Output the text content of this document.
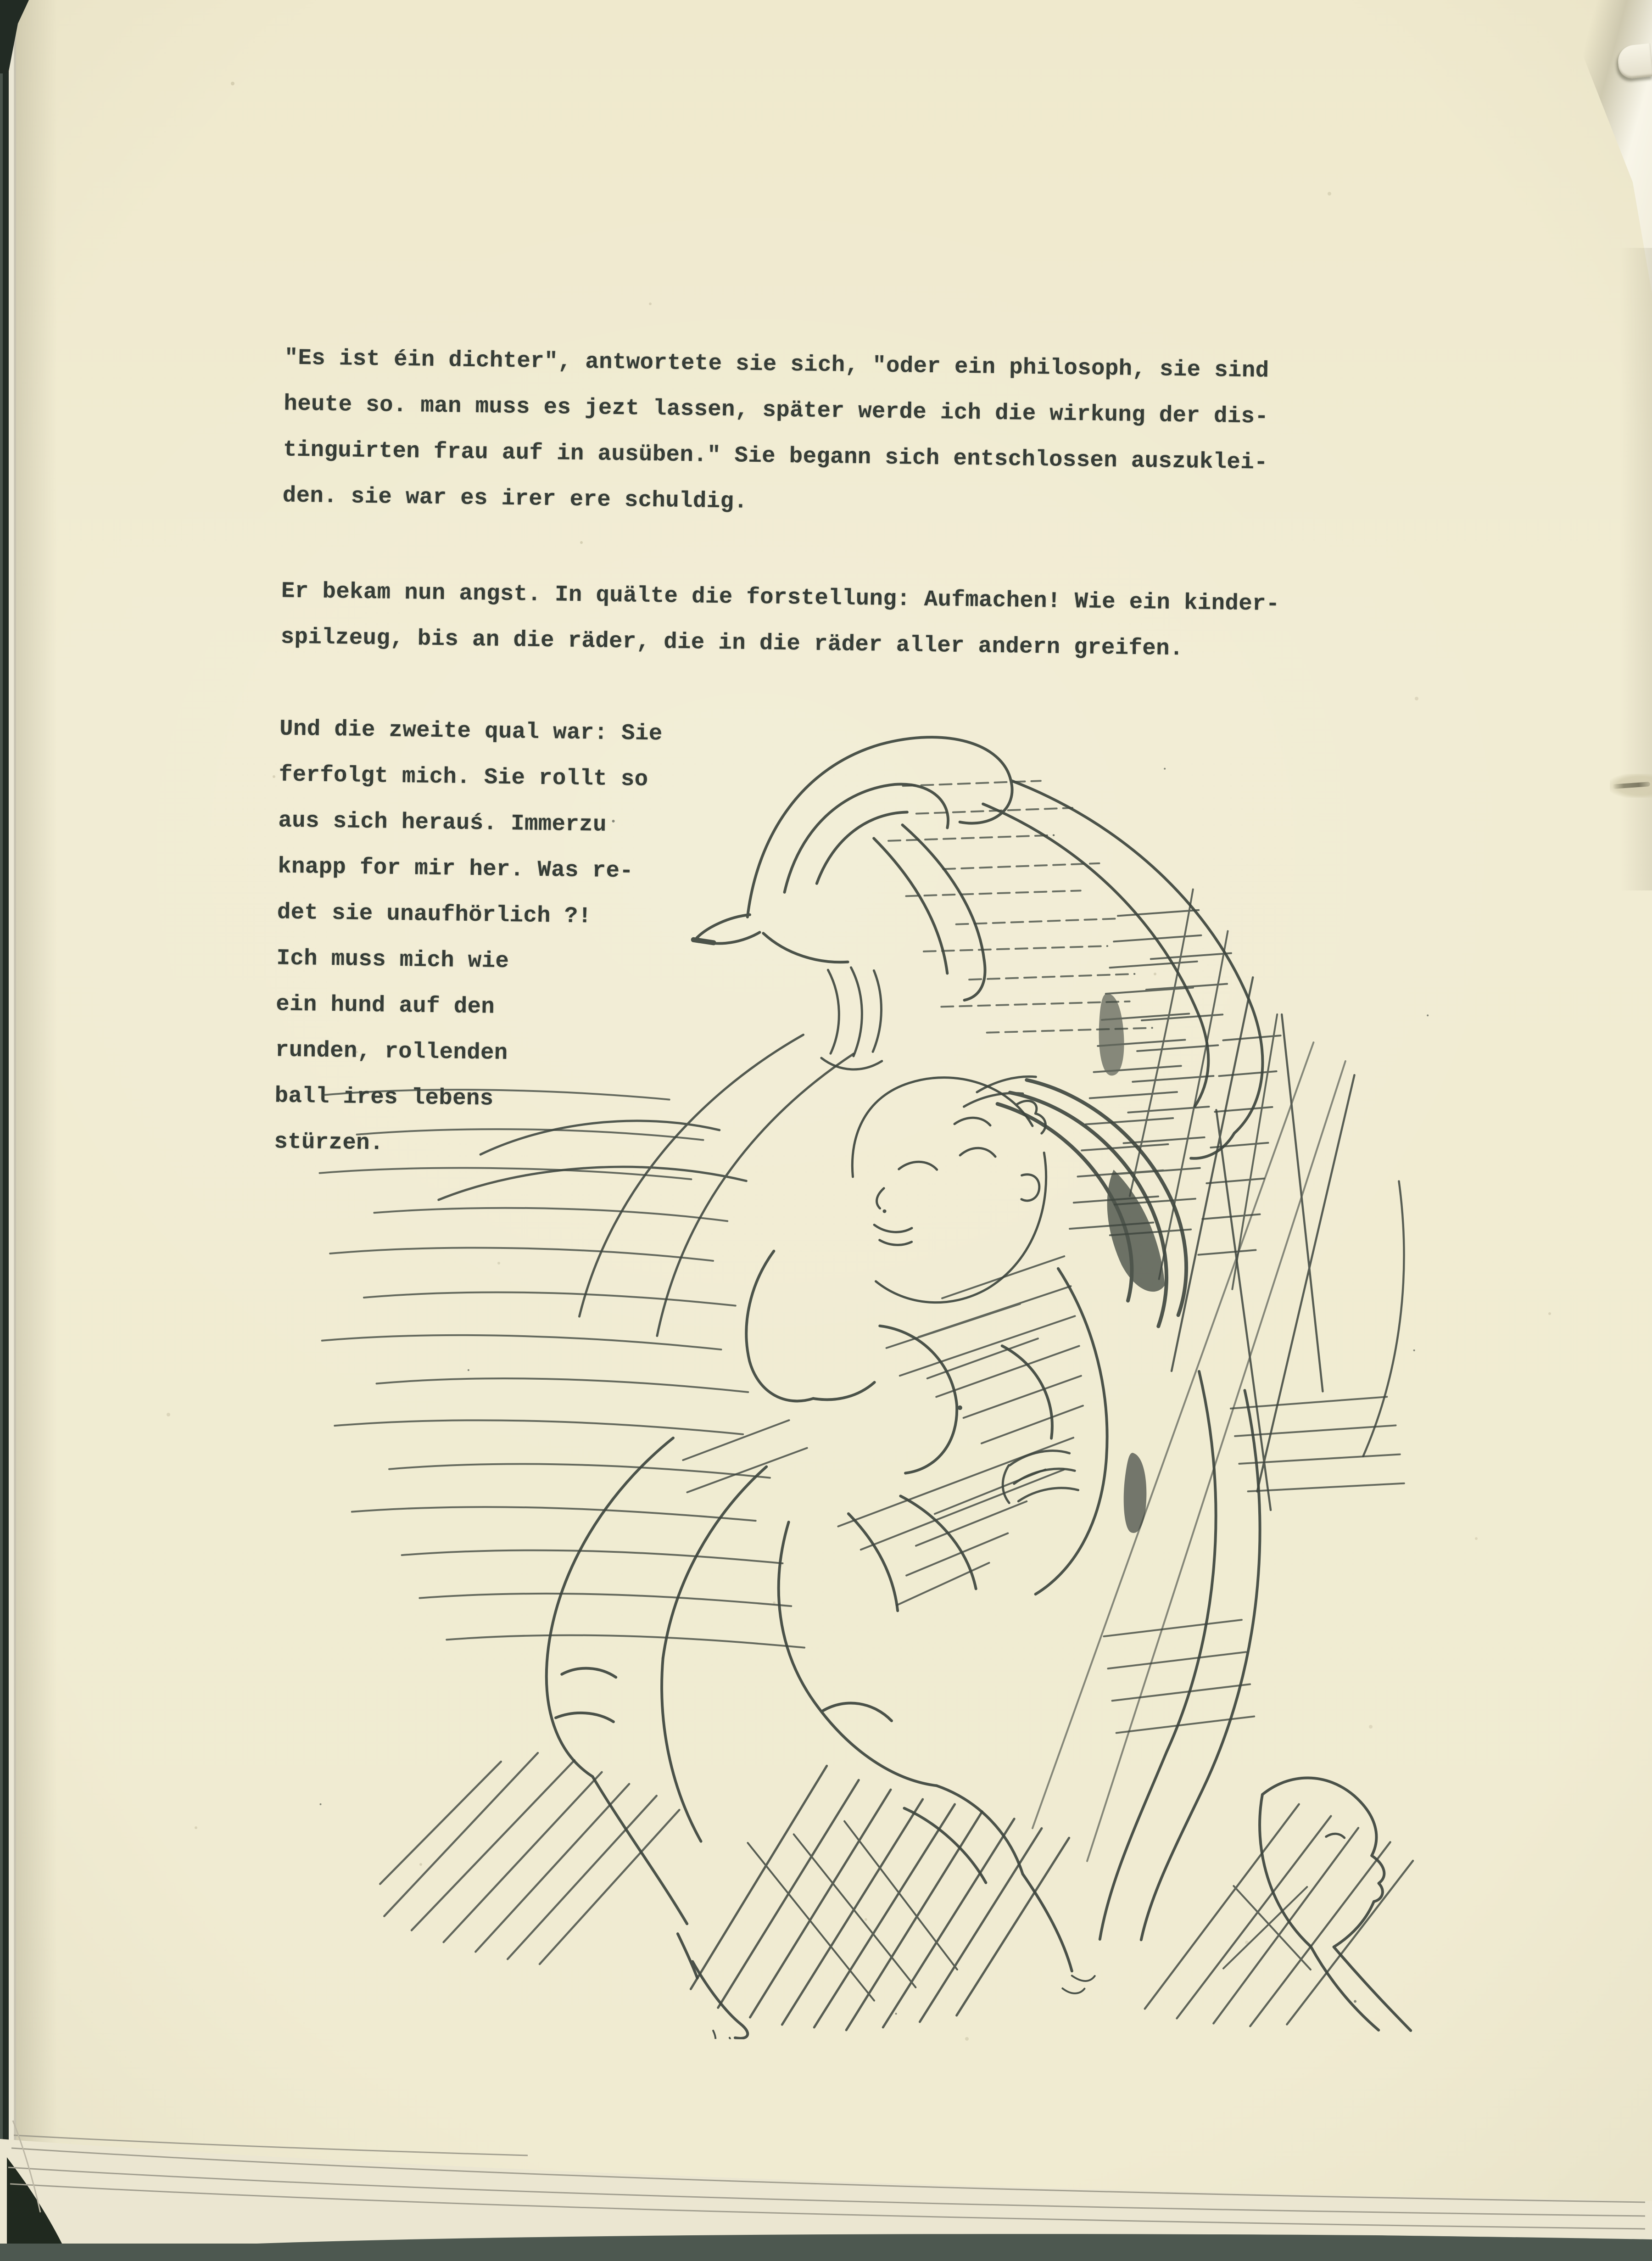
"Es ist éin dichter", antwortete sie sich, "oder ein philosoph, sie sind
heute so. man muss es jezt lassen, später werde ich die wirkung der dis-
tinguirten frau auf in ausüben." Sie begann sich entschlossen auszuklei-
den. sie war es irer ere schuldig.
Er bekam nun angst. In quälte die forstellung: Aufmachen! Wie ein kinder-
spilzeug, bis an die räder, die in die räder aller andern greifen.
Und die zweite qual war: Sie
ferfolgt mich. Sie rollt so
aus sich herauś. Immerzu
knapp for mir her. Was re-
det sie unaufhörlich ?!
Ich muss mich wie
ein hund auf den
runden, rollenden
ball ires lebens
stürzen.
